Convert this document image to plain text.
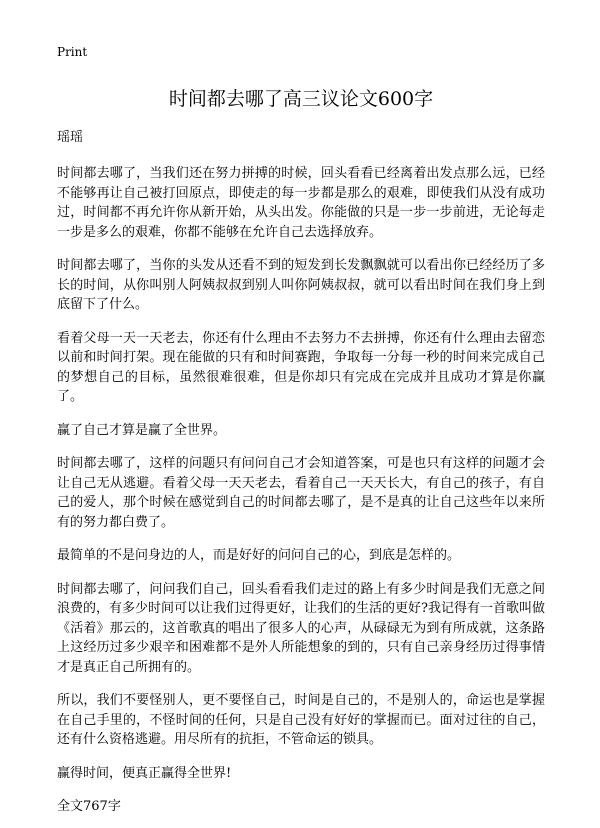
Print
时间都去哪了高三议论文600字
瑶瑶

时间都去哪了，当我们还在努力拼搏的时候，回头看看已经离着出发点那么远，已经不能够再让自己被打回原点，即使走的每一步都是那么的艰难，即使我们从没有成功过，时间都不再允许你从新开始，从头出发。你能做的只是一步一步前进，无论每走一步是多么的艰难，你都不能够在允许自己去选择放弃。

时间都去哪了，当你的头发从还看不到的短发到长发飘飘就可以看出你已经经历了多长的时间，从你叫别人阿姨叔叔到别人叫你阿姨叔叔，就可以看出时间在我们身上到底留下了什么。

看着父母一天一天老去，你还有什么理由不去努力不去拼搏，你还有什么理由去留恋以前和时间打架。现在能做的只有和时间赛跑，争取每一分每一秒的时间来完成自己的梦想自己的目标，虽然很难很难，但是你却只有完成在完成并且成功才算是你赢了。

赢了自己才算是赢了全世界。

时间都去哪了，这样的问题只有问问自己才会知道答案，可是也只有这样的问题才会让自己无从逃避。看着父母一天天老去，看着自己一天天长大，有自己的孩子，有自己的爱人，那个时候在感觉到自己的时间都去哪了，是不是真的让自己这些年以来所有的努力都白费了。

最简单的不是问身边的人，而是好好的问问自己的心，到底是怎样的。

时间都去哪了，问问我们自己，回头看看我们走过的路上有多少时间是我们无意之间浪费的，有多少时间可以让我们过得更好，让我们的生活的更好?我记得有一首歌叫做《活着》那云的，这首歌真的唱出了很多人的心声，从碌碌无为到有所成就，这条路上这经历过多少艰辛和困难都不是外人所能想象的到的，只有自己亲身经历过得事情才是真正自己所拥有的。

所以，我们不要怪别人，更不要怪自己，时间是自己的，不是别人的，命运也是掌握在自己手里的，不怪时间的任何，只是自己没有好好的掌握而已。面对过往的自己，还有什么资格逃避。用尽所有的抗拒，不管命运的锁具。

赢得时间，便真正赢得全世界!

全文767字
